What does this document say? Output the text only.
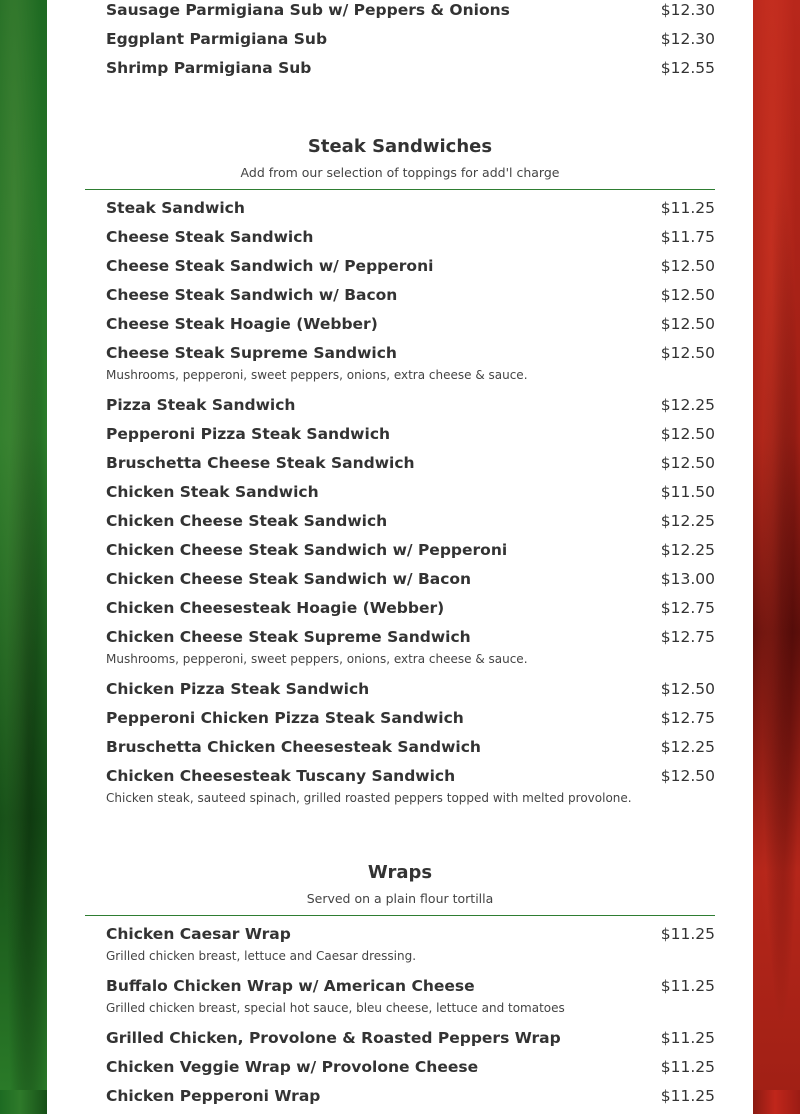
Sausage Parmigiana Sub w/ Peppers & Onions	$12.30
Eggplant Parmigiana Sub	$12.30
Shrimp Parmigiana Sub	$12.55
Steak Sandwiches
Add from our selection of toppings for add'l charge
Steak Sandwich	$11.25
Cheese Steak Sandwich	$11.75
Cheese Steak Sandwich w/ Pepperoni	$12.50
Cheese Steak Sandwich w/ Bacon	$12.50
Cheese Steak Hoagie (Webber)	$12.50
Cheese Steak Supreme Sandwich	$12.50
Mushrooms, pepperoni, sweet peppers, onions, extra cheese & sauce.
Pizza Steak Sandwich	$12.25
Pepperoni Pizza Steak Sandwich	$12.50
Bruschetta Cheese Steak Sandwich	$12.50
Chicken Steak Sandwich	$11.50
Chicken Cheese Steak Sandwich	$12.25
Chicken Cheese Steak Sandwich w/ Pepperoni	$12.25
Chicken Cheese Steak Sandwich w/ Bacon	$13.00
Chicken Cheesesteak Hoagie (Webber)	$12.75
Chicken Cheese Steak Supreme Sandwich	$12.75
Mushrooms, pepperoni, sweet peppers, onions, extra cheese & sauce.
Chicken Pizza Steak Sandwich	$12.50
Pepperoni Chicken Pizza Steak Sandwich	$12.75
Bruschetta Chicken Cheesesteak Sandwich	$12.25
Chicken Cheesesteak Tuscany Sandwich	$12.50
Chicken steak, sauteed spinach, grilled roasted peppers topped with melted provolone.
Wraps
Served on a plain flour tortilla
Chicken Caesar Wrap	$11.25
Grilled chicken breast, lettuce and Caesar dressing.
Buffalo Chicken Wrap w/ American Cheese	$11.25
Grilled chicken breast, special hot sauce, bleu cheese, lettuce and tomatoes
Grilled Chicken, Provolone & Roasted Peppers Wrap	$11.25
Chicken Veggie Wrap w/ Provolone Cheese	$11.25
Chicken Pepperoni Wrap	$11.25
